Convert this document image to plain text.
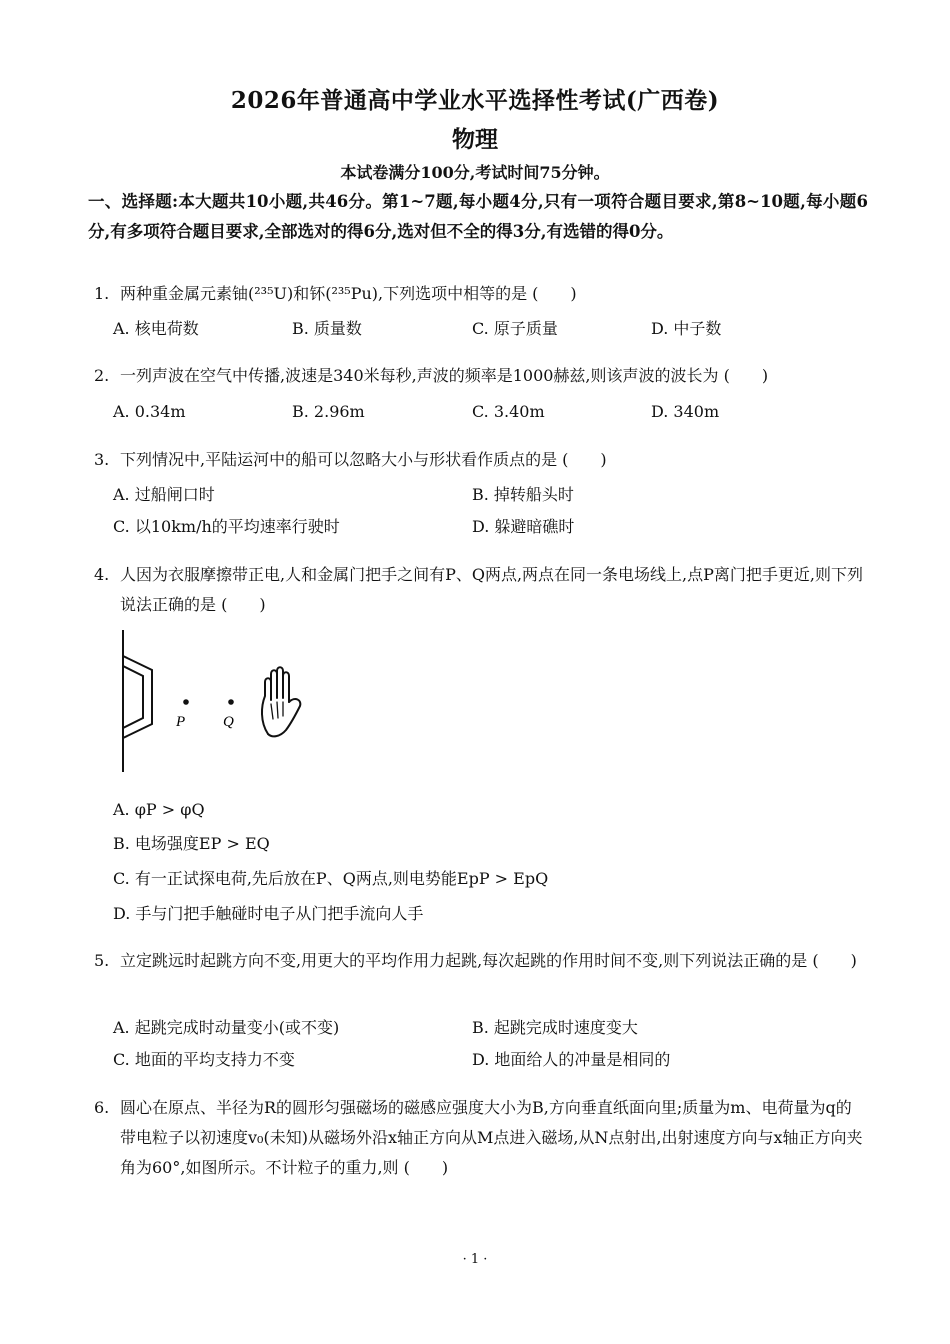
2026年普通高中学业水平选择性考试(广西卷)
物理
本试卷满分100分,考试时间75分钟。
一、选择题:本大题共10小题,共46分。第1~7题,每小题4分,只有一项符合题目要求,第8~10题,每小题6分,有多项符合题目要求,全部选对的得6分,选对但不全的得3分,有选错的得0分。
1. 两种重金属元素铀(²³⁵U)和钚(²³⁵Pu),下列选项中相等的是 (　　)
A. 核电荷数	B. 质量数	C. 原子质量	D. 中子数
2. 一列声波在空气中传播,波速是340米每秒,声波的频率是1000赫兹,则该声波的波长为 (　　)
A. 0.34m	B. 2.96m	C. 3.40m	D. 340m
3. 下列情况中,平陆运河中的船可以忽略大小与形状看作质点的是 (　　)
A. 过船闸口时	B. 掉转船头时
C. 以10km/h的平均速率行驶时	D. 躲避暗礁时
4. 人因为衣服摩擦带正电,人和金属门把手之间有P、Q两点,两点在同一条电场线上,点P离门把手更近,则下列说法正确的是 (　　)
P	Q
A. φP > φQ
B. 电场强度EP > EQ
C. 有一正试探电荷,先后放在P、Q两点,则电势能EpP > EpQ
D. 手与门把手触碰时电子从门把手流向人手
5. 立定跳远时起跳方向不变,用更大的平均作用力起跳,每次起跳的作用时间不变,则下列说法正确的是 (　　)
A. 起跳完成时动量变小(或不变)	B. 起跳完成时速度变大
C. 地面的平均支持力不变	D. 地面给人的冲量是相同的
6. 圆心在原点、半径为R的圆形匀强磁场的磁感应强度大小为B,方向垂直纸面向里;质量为m、电荷量为q的带电粒子以初速度v₀(未知)从磁场外沿x轴正方向从M点进入磁场,从N点射出,出射速度方向与x轴正方向夹角为60°,如图所示。不计粒子的重力,则 (　　)
· 1 ·
